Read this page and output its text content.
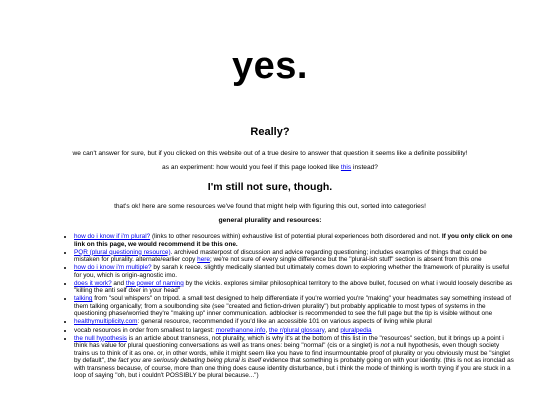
yes.
Really?
we can't answer for sure, but if you clicked on this website out of a true desire to answer that question it seems like a definite possibility!
as an experiment: how would you feel if this page looked like this instead?
I'm still not sure, though.
that's ok! here are some resources we've found that might help with figuring this out, sorted into categories!
general plurality and resources:
• how do i know if i'm plural? (links to other resources within) exhaustive list of potential plural experiences both disordered and not. If you only click on one link on this page, we would recommend it be this one.
• PQR (plural questioning resource). archived masterpost of discussion and advice regarding questioning; includes examples of things that could be mistaken for plurality. alternate/earlier copy here; we're not sure of every single difference but the "plural-ish stuff" section is absent from this one
• how do i know i'm multiple? by sarah k reece. slightly medically slanted but ultimately comes down to exploring whether the framework of plurality is useful for you, which is origin-agnostic imo.
• does it work? and the power of naming by the vickis. explores similar philosophical territory to the above bullet, focused on what i would loosely describe as "killing the anti self dxer in your head"
• talking from "soul whispers" on tripod. a small test designed to help differentiate if you're worried you're "making" your headmates say something instead of them talking organically; from a soulbonding site (see "created and fiction-driven plurality") but probably applicable to most types of systems in the questioning phase/worried they're "making up" inner communication. adblocker is recommended to see the full page but the tip is visible without one
• healthymultiplicity.com: general resource, recommended if you'd like an accessible 101 on various aspects of living while plural
• vocab resources in order from smallest to largest: morethanone.info, the r/plural glossary, and pluralpedia
• the null hypothesis is an article about transness, not plurality, which is why it's at the bottom of this list in the "resources" section, but it brings up a point i think has value for plural questioning conversations as well as trans ones: being "normal" (cis or a singlet) is not a null hypothesis, even though society trains us to think of it as one. or, in other words, while it might seem like you have to find insurmountable proof of plurality or you obviously must be "singlet by default", the fact you are seriously debating being plural is itself evidence that something is probably going on with your identity. (this is not as ironclad as with transness because, of course, more than one thing does cause identity disturbance, but i think the mode of thinking is worth trying if you are stuck in a loop of saying "oh, but i couldn't POSSIBLY be plural because...")
